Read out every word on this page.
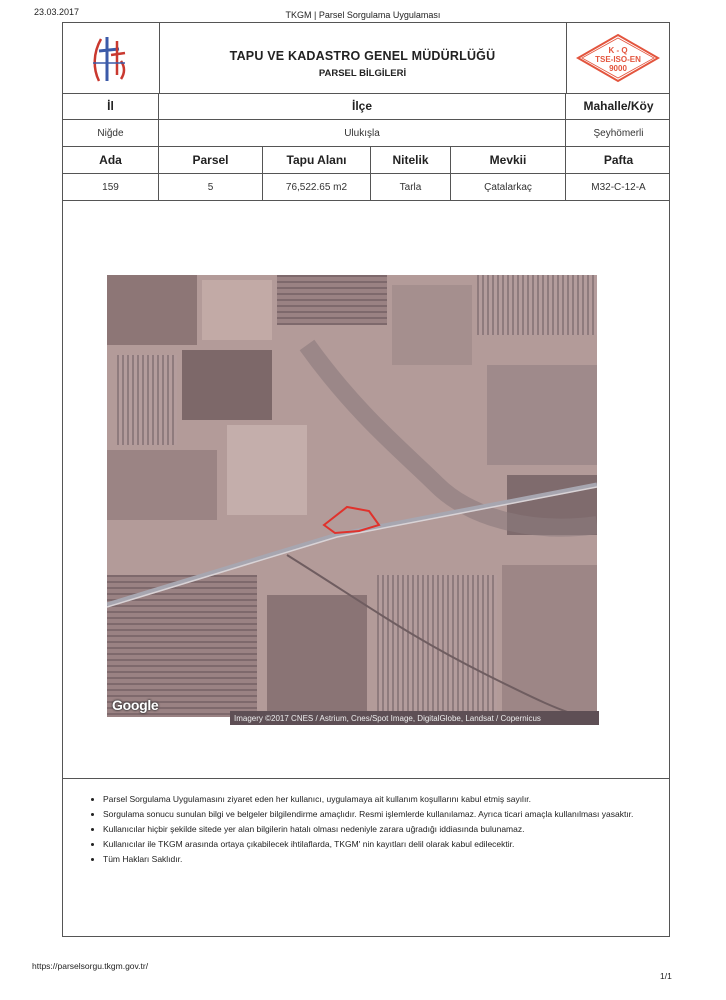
23.03.2017	TKGM | Parsel Sorgulama Uygulaması
TAPU VE KADASTRO GENEL MÜDÜRLÜĞÜ
PARSEL BİLGİLERİ
K - Q
TSE-ISO-EN
9000
İl	İlçe	Mahalle/Köy
Niğde	Ulukışla	Şeyhömerli
Ada	Parsel	Tapu Alanı	Nitelik	Mevkii	Pafta
159	5	76,522.65 m2	Tarla	Çatalarkaç	M32-C-12-A
Google
Imagery ©2017 CNES / Astrium, Cnes/Spot Image, DigitalGlobe, Landsat / Copernicus
• Parsel Sorgulama Uygulamasını ziyaret eden her kullanıcı, uygulamaya ait kullanım koşullarını kabul etmiş sayılır.
• Sorgulama sonucu sunulan bilgi ve belgeler bilgilendirme amaçlıdır. Resmi işlemlerde kullanılamaz. Ayrıca ticari amaçla kullanılması yasaktır.
• Kullanıcılar hiçbir şekilde sitede yer alan bilgilerin hatalı olması nedeniyle zarara uğradığı iddiasında bulunamaz.
• Kullanıcılar ile TKGM arasında ortaya çıkabilecek ihtilaflarda, TKGM' nin kayıtları delil olarak kabul edilecektir.
• Tüm Hakları Saklıdır.
https://parselsorgu.tkgm.gov.tr/
1/1
